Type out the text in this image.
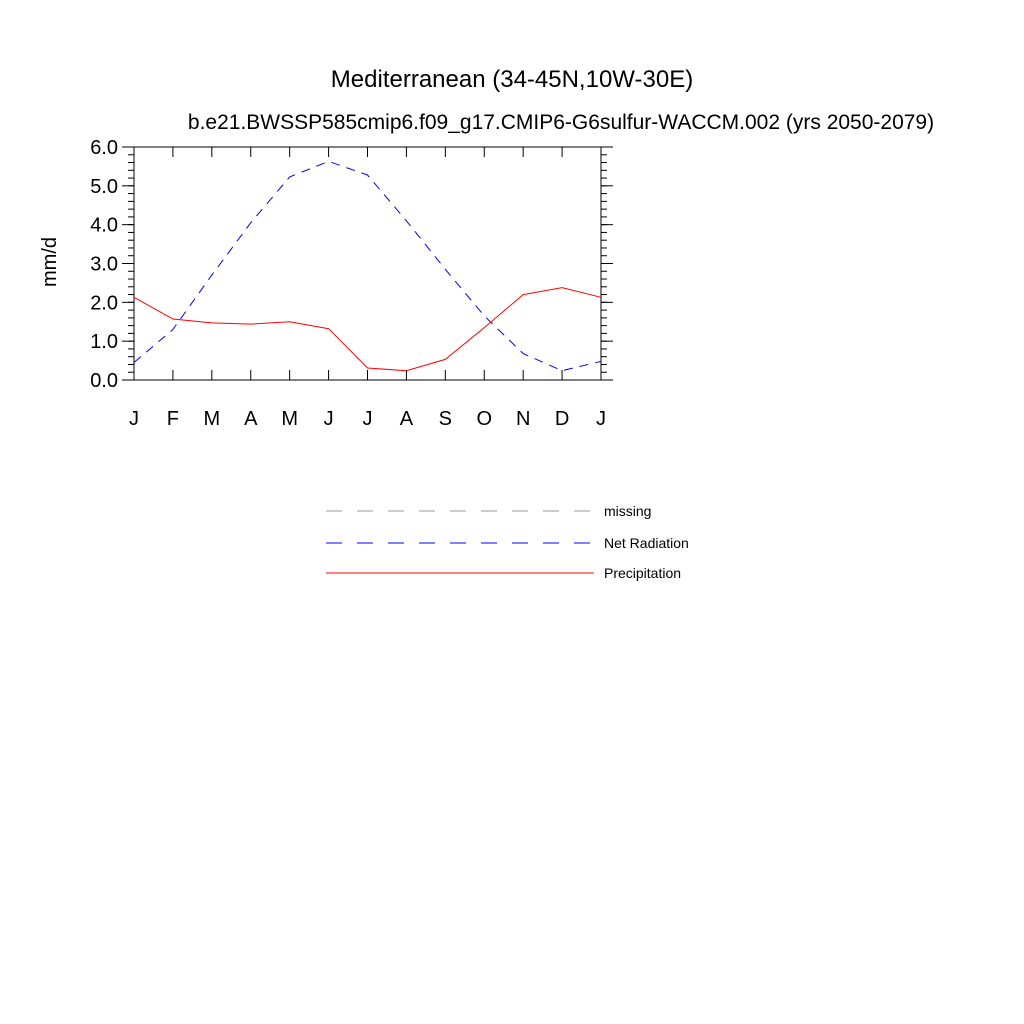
Mediterranean (34-45N,10W-30E)
b.e21.BWSSP585cmip6.f09_g17.CMIP6-G6sulfur-WACCM.002 (yrs 2050-2079)
mm/d
0.0
1.0
2.0
3.0
4.0
5.0
6.0
J F M A M J J A S O N D J
missing
Net Radiation
Precipitation
